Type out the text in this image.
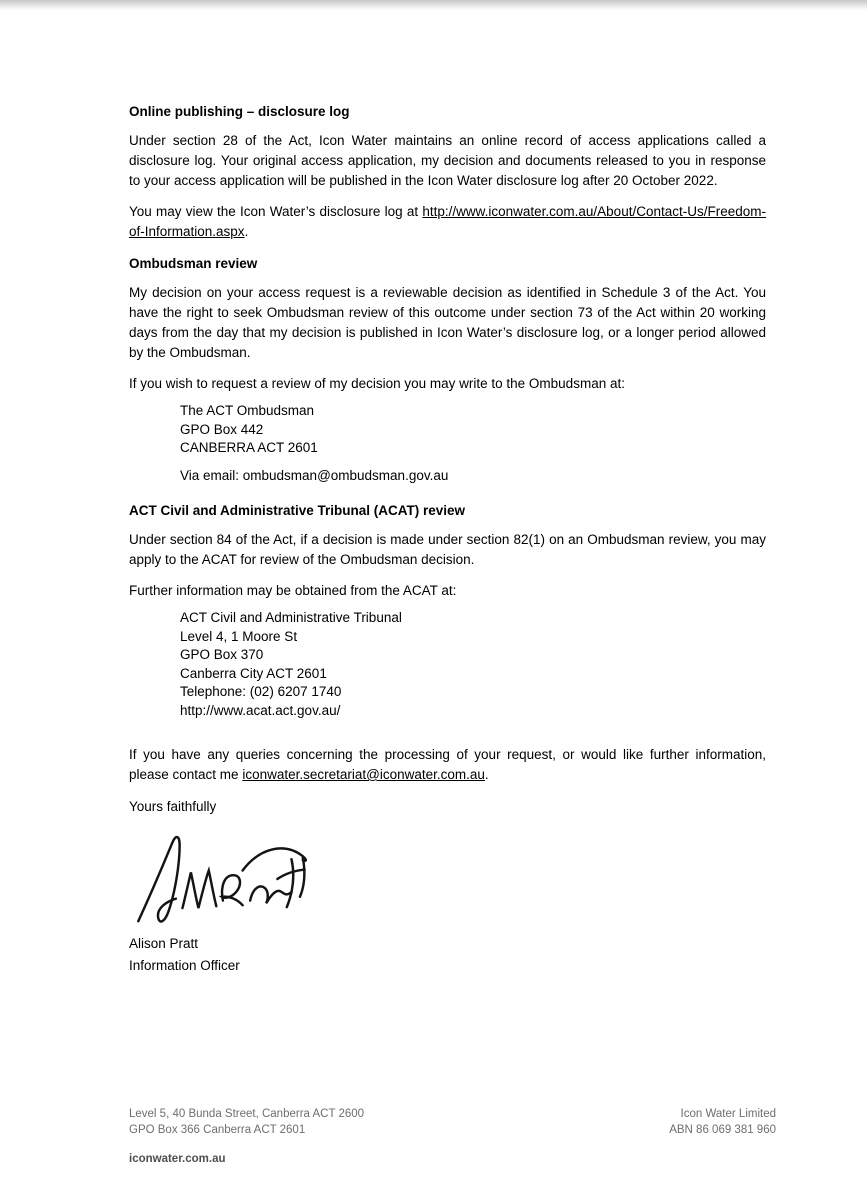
Online publishing – disclosure log

Under section 28 of the Act, Icon Water maintains an online record of access applications called a disclosure log. Your original access application, my decision and documents released to you in response to your access application will be published in the Icon Water disclosure log after 20 October 2022.

You may view the Icon Water’s disclosure log at http://www.iconwater.com.au/About/Contact-Us/Freedom-of-Information.aspx.

Ombudsman review

My decision on your access request is a reviewable decision as identified in Schedule 3 of the Act. You have the right to seek Ombudsman review of this outcome under section 73 of the Act within 20 working days from the day that my decision is published in Icon Water’s disclosure log, or a longer period allowed by the Ombudsman.

If you wish to request a review of my decision you may write to the Ombudsman at:

The ACT Ombudsman
GPO Box 442
CANBERRA ACT 2601
Via email: ombudsman@ombudsman.gov.au
ACT Civil and Administrative Tribunal (ACAT) review

Under section 84 of the Act, if a decision is made under section 82(1) on an Ombudsman review, you may apply to the ACAT for review of the Ombudsman decision.

Further information may be obtained from the ACAT at:

ACT Civil and Administrative Tribunal
Level 4, 1 Moore St
GPO Box 370
Canberra City ACT 2601
Telephone: (02) 6207 1740
http://www.acat.act.gov.au/

If you have any queries concerning the processing of your request, or would like further information, please contact me iconwater.secretariat@iconwater.com.au.

Yours faithfully
Alison Pratt
Information Officer
Level 5, 40 Bunda Street, Canberra ACT 2600
GPO Box 366 Canberra ACT 2601
Icon Water Limited
ABN 86 069 381 960
iconwater.com.au
